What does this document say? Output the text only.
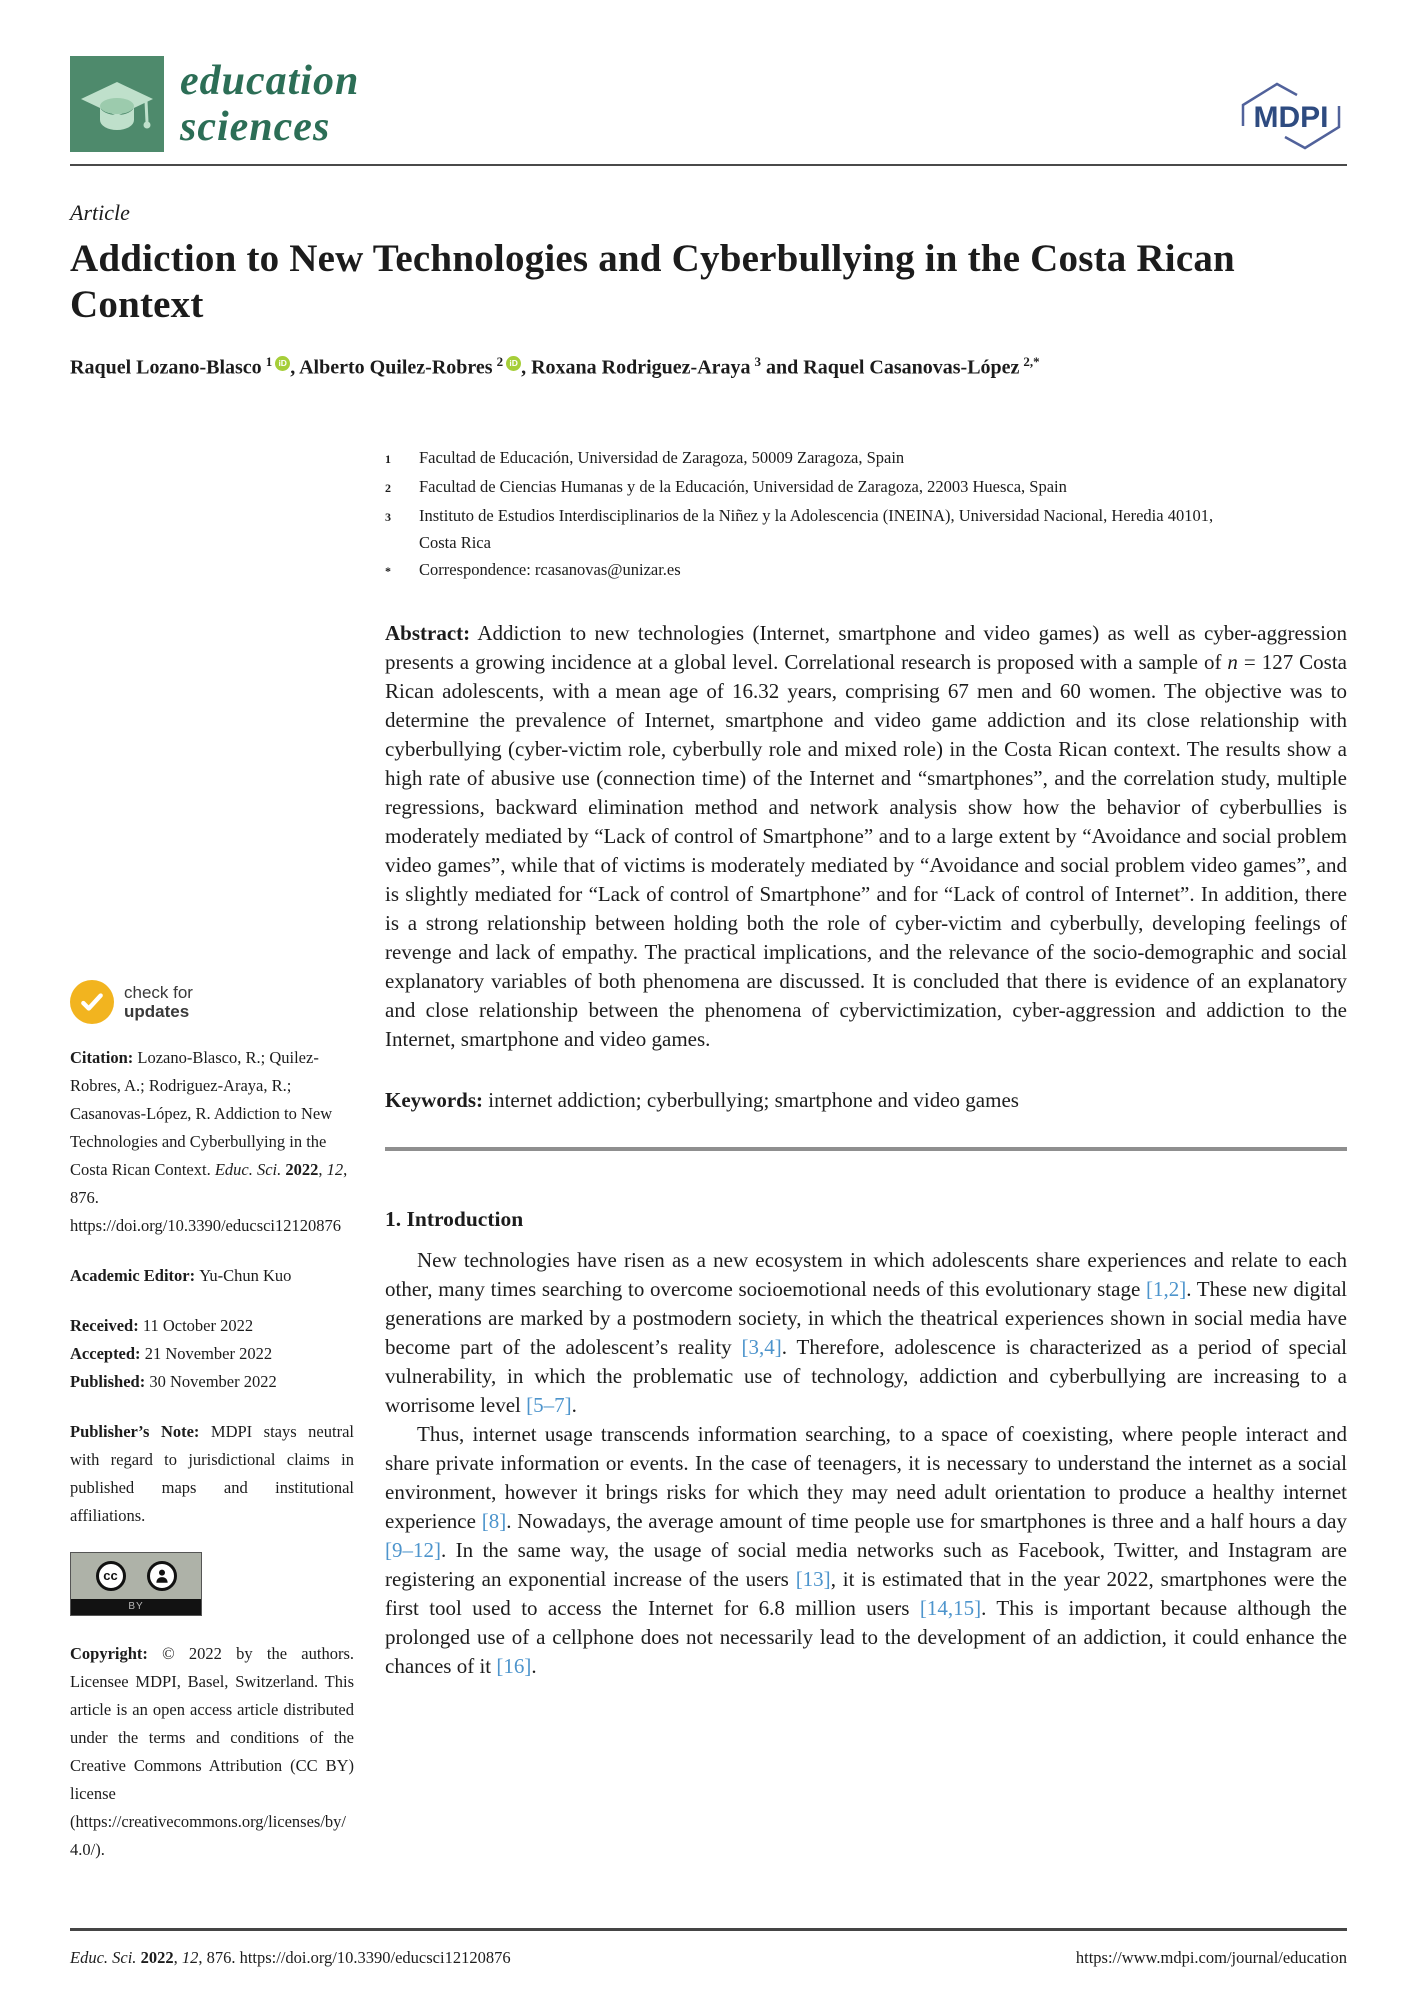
education
sciences	MDPI
Article
Addiction to New Technologies and Cyberbullying in the Costa Rican Context
Raquel Lozano-Blasco $^1$ iD , Alberto Quilez-Robres $^2$ iD , Roxana Rodriguez-Araya $^3$ and Raquel Casanovas-López $^{2,*}$
1	Facultad de Educación, Universidad de Zaragoza, 50009 Zaragoza, Spain
2	Facultad de Ciencias Humanas y de la Educación, Universidad de Zaragoza, 22003 Huesca, Spain
3	Instituto de Estudios Interdisciplinarios de la Niñez y la Adolescencia (INEINA), Universidad Nacional, Heredia 40101, Costa Rica
*	Correspondence: rcasanovas@unizar.es
Abstract: Addiction to new technologies (Internet, smartphone and video games) as well as cyber-aggression presents a growing incidence at a global level. Correlational research is proposed with a sample of n = 127 Costa Rican adolescents, with a mean age of 16.32 years, comprising 67 men and 60 women. The objective was to determine the prevalence of Internet, smartphone and video game addiction and its close relationship with cyberbullying (cyber-victim role, cyberbully role and mixed role) in the Costa Rican context. The results show a high rate of abusive use (connection time) of the Internet and “smartphones”, and the correlation study, multiple regressions, backward elimination method and network analysis show how the behavior of cyberbullies is moderately mediated by “Lack of control of Smartphone” and to a large extent by “Avoidance and social problem video games”, while that of victims is moderately mediated by “Avoidance and social problem video games”, and is slightly mediated for “Lack of control of Smartphone” and for “Lack of control of Internet”. In addition, there is a strong relationship between holding both the role of cyber-victim and cyberbully, developing feelings of revenge and lack of empathy. The practical implications, and the relevance of the socio-demographic and social explanatory variables of both phenomena are discussed. It is concluded that there is evidence of an explanatory and close relationship between the phenomena of cybervictimization, cyber-aggression and addiction to the Internet, smartphone and video games.
Keywords: internet addiction; cyberbullying; smartphone and video games
1. Introduction
New technologies have risen as a new ecosystem in which adolescents share experiences and relate to each other, many times searching to overcome socioemotional needs of this evolutionary stage [1,2]. These new digital generations are marked by a postmodern society, in which the theatrical experiences shown in social media have become part of the adolescent’s reality [3,4]. Therefore, adolescence is characterized as a period of special vulnerability, in which the problematic use of technology, addiction and cyberbullying are increasing to a worrisome level [5–7].
Thus, internet usage transcends information searching, to a space of coexisting, where people interact and share private information or events. In the case of teenagers, it is necessary to understand the internet as a social environment, however it brings risks for which they may need adult orientation to produce a healthy internet experience [8]. Nowadays, the average amount of time people use for smartphones is three and a half hours a day [9–12]. In the same way, the usage of social media networks such as Facebook, Twitter, and Instagram are registering an exponential increase of the users [13], it is estimated that in the year 2022, smartphones were the first tool used to access the Internet for 6.8 million users [14,15]. This is important because although the prolonged use of a cellphone does not necessarily lead to the development of an addiction, it could enhance the chances of it [16].
check for
updates
Citation: Lozano-Blasco, R.; Quilez-Robres, A.; Rodriguez-Araya, R.; Casanovas-López, R. Addiction to New Technologies and Cyberbullying in the Costa Rican Context. Educ. Sci. 2022, 12, 876. https://doi.org/10.3390/educsci12120876
Academic Editor: Yu-Chun Kuo
Received: 11 October 2022
Accepted: 21 November 2022
Published: 30 November 2022
Publisher’s Note: MDPI stays neutral with regard to jurisdictional claims in published maps and institutional affiliations.
cc
BY
Copyright: © 2022 by the authors. Licensee MDPI, Basel, Switzerland. This article is an open access article distributed under the terms and conditions of the Creative Commons Attribution (CC BY) license (https://creativecommons.org/licenses/by/4.0/).
Educ. Sci. 2022, 12, 876. https://doi.org/10.3390/educsci12120876	https://www.mdpi.com/journal/education
